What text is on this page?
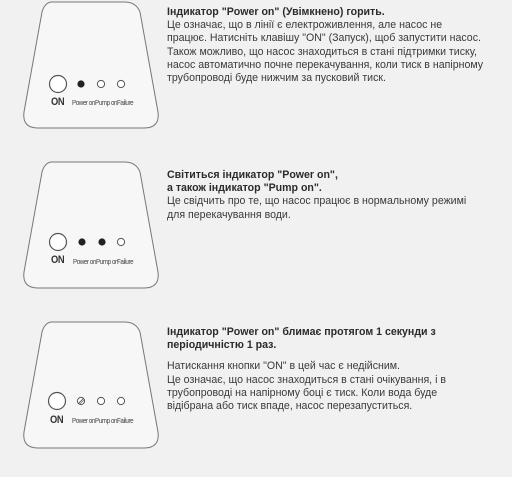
ON Power on Pump on Failure

Індикатор "Power on" (Увімкнено) горить.

Це означає, що в лінії є електроживлення, але насос не

працює. Натисніть клавішу "ON" (Запуск), щоб запустити насос.

Також можливо, що насос знаходиться в стані підтримки тиску,

насос автоматично почне перекачування, коли тиск в напірному

трубопроводі буде нижчим за пусковий тиск.

ON Power on Pump on
Failure

Світиться індикатор "Power on",

а також індикатор "Pump on".

Це свідчить про те, що насос працює в нормальному режимі

для перекачування води.

ON Power on Pump on Failure

Індикатор "Power on" блимає протягом 1 секунди з

періодичністю 1 раз.

Натискання кнопки "ON" в цей час є недійсним.

Це означає, що насос знаходиться в стані очікування, і в

трубопроводі на напірному боці є тиск. Коли вода буде

відібрана або тиск впаде, насос перезапуститься.
